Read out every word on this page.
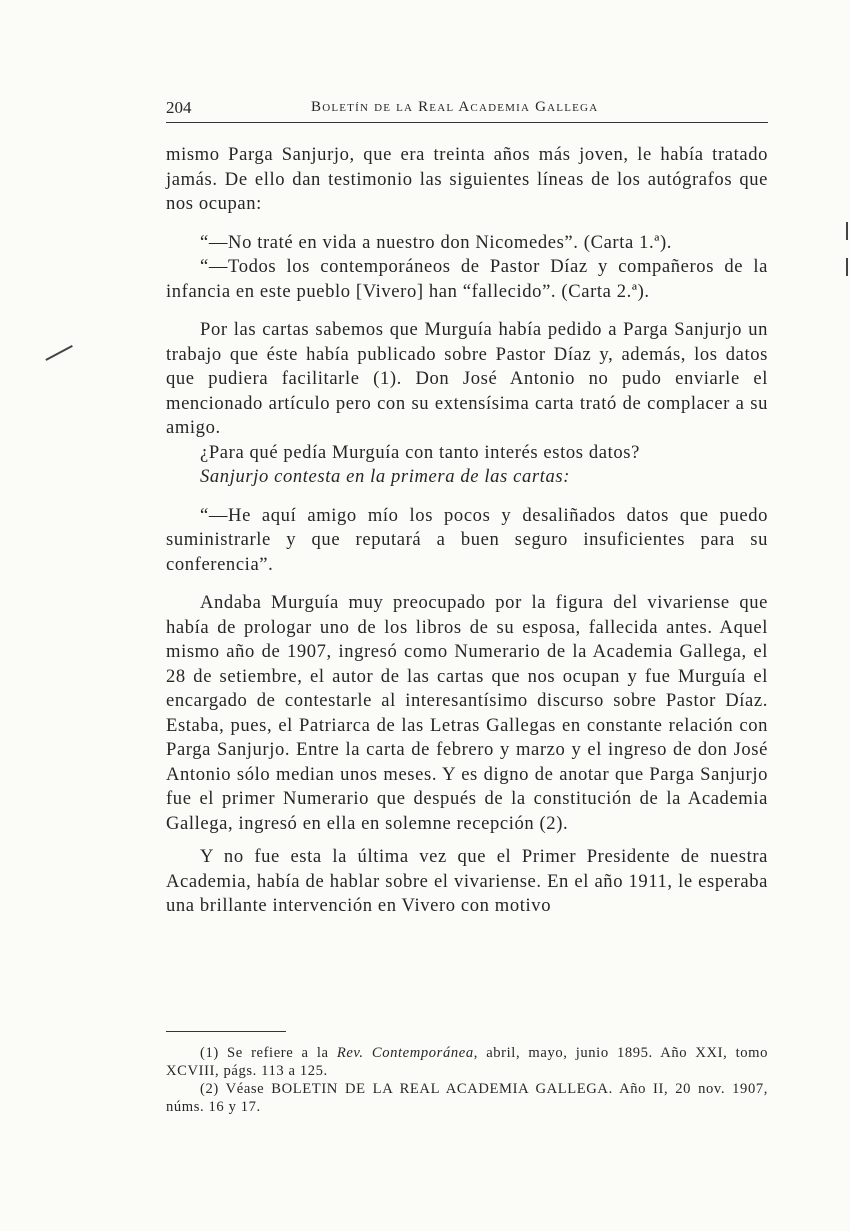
204	Boletín de la Real Academia Gallega

mismo Parga Sanjurjo, que era treinta años más joven, le había tratado jamás. De ello dan testimonio las siguientes líneas de los autógrafos que nos ocupan:

“—No traté en vida a nuestro don Nicomedes”. (Carta 1.ª).

“—Todos los contemporáneos de Pastor Díaz y compañeros de la infancia en este pueblo [Vivero] han “fallecido”. (Carta 2.ª).

Por las cartas sabemos que Murguía había pedido a Parga Sanjurjo un trabajo que éste había publicado sobre Pastor Díaz y, además, los datos que pudiera facilitarle (1). Don José Antonio no pudo enviarle el mencionado artículo pero con su extensísima carta trató de complacer a su amigo.

¿Para qué pedía Murguía con tanto interés estos datos?

Sanjurjo contesta en la primera de las cartas:

“—He aquí amigo mío los pocos y desaliñados datos que puedo suministrarle y que reputará a buen seguro insuficientes para su conferencia”.

Andaba Murguía muy preocupado por la figura del vivariense que había de prologar uno de los libros de su esposa, fallecida antes. Aquel mismo año de 1907, ingresó como Numerario de la Academia Gallega, el 28 de setiembre, el autor de las cartas que nos ocupan y fue Murguía el encargado de contestarle al interesantísimo discurso sobre Pastor Díaz. Estaba, pues, el Patriarca de las Letras Gallegas en constante relación con Parga Sanjurjo. Entre la carta de febrero y marzo y el ingreso de don José Antonio sólo median unos meses. Y es digno de anotar que Parga Sanjurjo fue el primer Numerario que después de la constitución de la Academia Gallega, ingresó en ella en solemne recepción (2).

Y no fue esta la última vez que el Primer Presidente de nuestra Academia, había de hablar sobre el vivariense. En el año 1911, le esperaba una brillante intervención en Vivero con motivo

(1) Se refiere a la Rev. Contemporánea, abril, mayo, junio 1895. Año XXI, tomo XCVIII, págs. 113 a 125.

(2) Véase BOLETIN DE LA REAL ACADEMIA GALLEGA. Año II, 20 nov. 1907, núms. 16 y 17.
